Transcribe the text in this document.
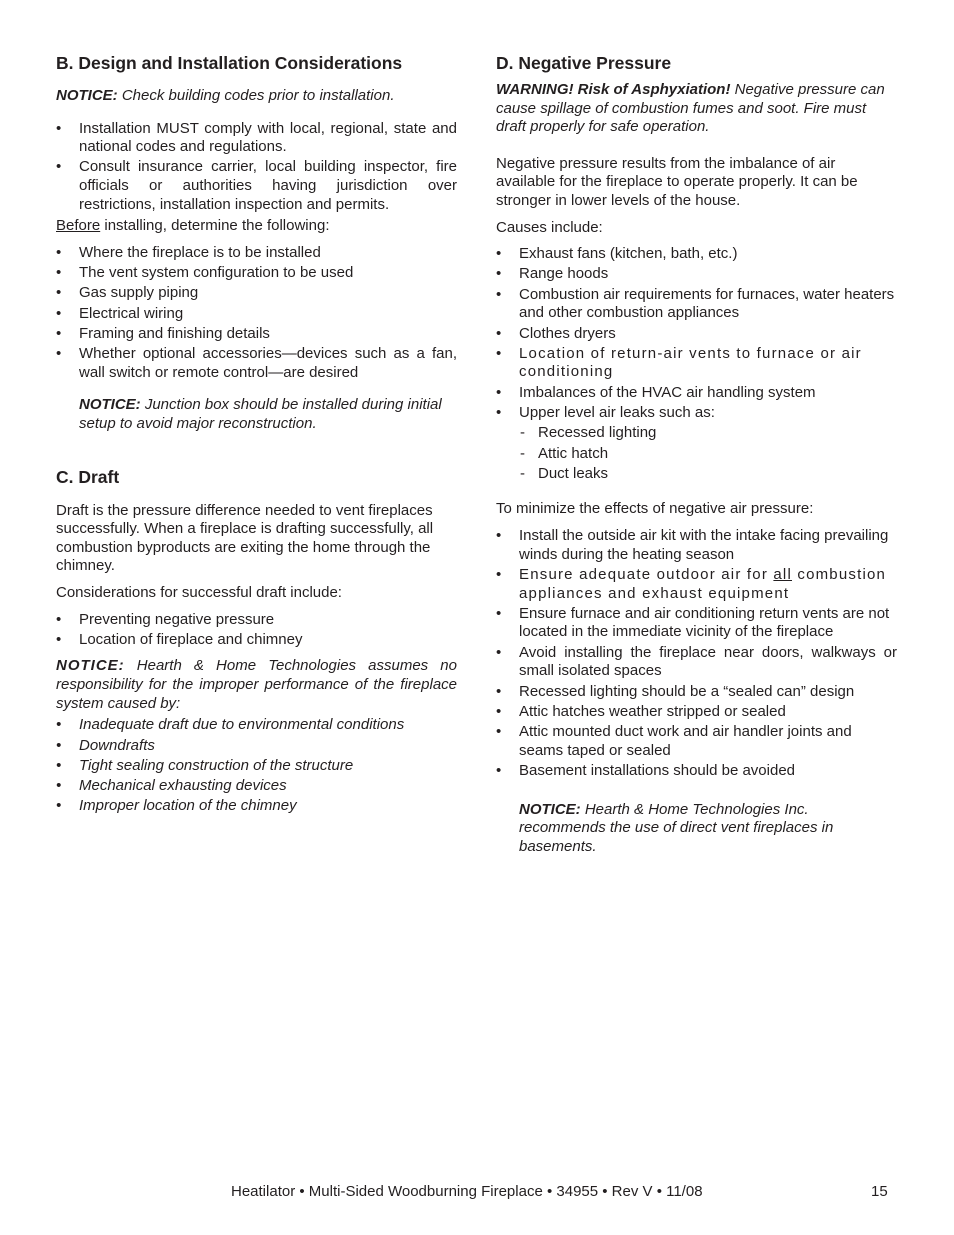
B. Design and Installation Considerations

NOTICE: Check building codes prior to installation.

• Installation MUST comply with local, regional, state and national codes and regulations.
• Consult insurance carrier, local building inspector, fire officials or authorities having jurisdiction over restrictions, installation inspection and permits.

Before installing, determine the following:

• Where the fireplace is to be installed
• The vent system configuration to be used
• Gas supply piping
• Electrical wiring
• Framing and finishing details
• Whether optional accessories—devices such as a fan, wall switch or remote control—are desired

NOTICE: Junction box should be installed during initial setup to avoid major reconstruction.

C. Draft

Draft is the pressure difference needed to vent fireplaces successfully. When a fireplace is drafting successfully, all combustion byproducts are exiting the home through the chimney.

Considerations for successful draft include:

• Preventing negative pressure
• Location of fireplace and chimney

NOTICE: Hearth & Home Technologies assumes no responsibility for the improper performance of the fireplace system caused by:

• Inadequate draft due to environmental conditions
• Downdrafts
• Tight sealing construction of the structure
• Mechanical exhausting devices
• Improper location of the chimney
D. Negative Pressure

WARNING! Risk of Asphyxiation! Negative pressure can cause spillage of combustion fumes and soot. Fire must draft properly for safe operation.

Negative pressure results from the imbalance of air available for the fireplace to operate properly. It can be stronger in lower levels of the house.

Causes include:

• Exhaust fans (kitchen, bath, etc.)
• Range hoods
• Combustion air requirements for furnaces, water heaters and other combustion appliances
• Clothes dryers
• Location of return-air vents to furnace or air conditioning
• Imbalances of the HVAC air handling system
• Upper level air leaks such as:
- Recessed lighting
- Attic hatch
- Duct leaks

To minimize the effects of negative air pressure:

• Install the outside air kit with the intake facing prevailing winds during the heating season
• Ensure adequate outdoor air for all combustion appliances and exhaust equipment
• Ensure furnace and air conditioning return vents are not located in the immediate vicinity of the fireplace
• Avoid installing the fireplace near doors, walkways or small isolated spaces
• Recessed lighting should be a “sealed can” design
• Attic hatches weather stripped or sealed
• Attic mounted duct work and air handler joints and seams taped or sealed
• Basement installations should be avoided

NOTICE: Hearth & Home Technologies Inc. recommends the use of direct vent fireplaces in basements.

Heatilator • Multi-Sided Woodburning Fireplace • 34955 • Rev V • 11/08	15
